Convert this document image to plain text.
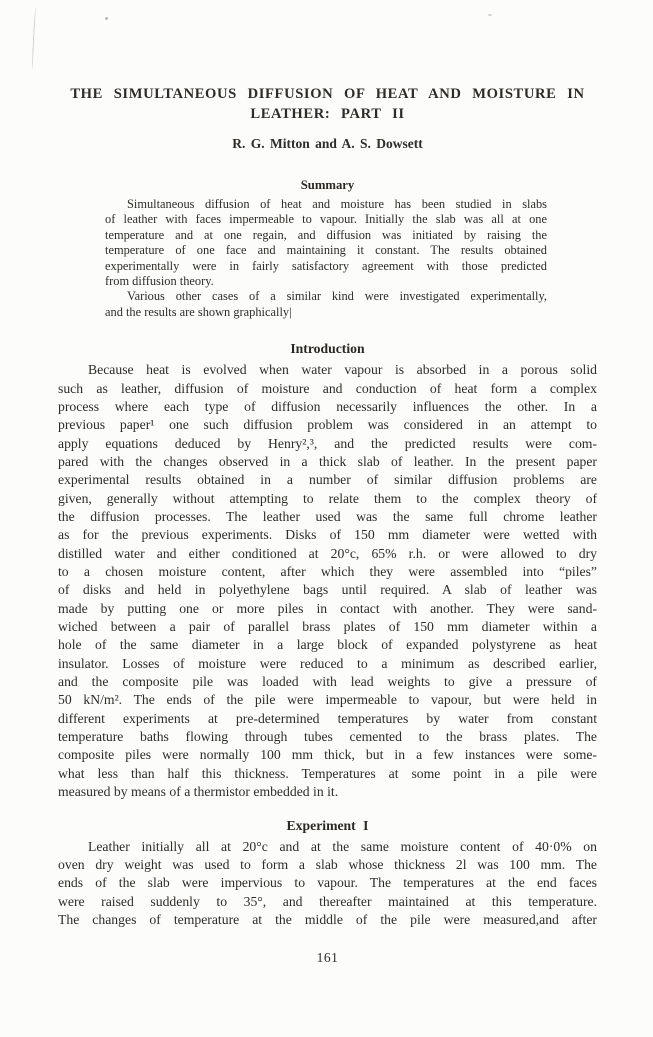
THE SIMULTANEOUS DIFFUSION OF HEAT AND MOISTURE IN
LEATHER: PART II
R. G. Mitton and A. S. Dowsett
Summary
Simultaneous diffusion of heat and moisture has been studied in slabs
of leather with faces impermeable to vapour. Initially the slab was all at one
temperature and at one regain, and diffusion was initiated by raising the
temperature of one face and maintaining it constant. The results obtained
experimentally were in fairly satisfactory agreement with those predicted
from diffusion theory.
Various other cases of a similar kind were investigated experimentally,
and the results are shown graphically|
Introduction
Because heat is evolved when water vapour is absorbed in a porous solid
such as leather, diffusion of moisture and conduction of heat form a complex
process where each type of diffusion necessarily influences the other. In a
previous paper¹ one such diffusion problem was considered in an attempt to
apply equations deduced by Henry²,³, and the predicted results were com-
pared with the changes observed in a thick slab of leather. In the present paper
experimental results obtained in a number of similar diffusion problems are
given, generally without attempting to relate them to the complex theory of
the diffusion processes. The leather used was the same full chrome leather
as for the previous experiments. Disks of 150 mm diameter were wetted with
distilled water and either conditioned at 20°c, 65% r.h. or were allowed to dry
to a chosen moisture content, after which they were assembled into “piles”
of disks and held in polyethylene bags until required. A slab of leather was
made by putting one or more piles in contact with another. They were sand-
wiched between a pair of parallel brass plates of 150 mm diameter within a
hole of the same diameter in a large block of expanded polystyrene as heat
insulator. Losses of moisture were reduced to a minimum as described earlier,
and the composite pile was loaded with lead weights to give a pressure of
50 kN/m². The ends of the pile were impermeable to vapour, but were held in
different experiments at pre-determined temperatures by water from constant
temperature baths flowing through tubes cemented to the brass plates. The
composite piles were normally 100 mm thick, but in a few instances were some-
what less than half this thickness. Temperatures at some point in a pile were
measured by means of a thermistor embedded in it.
Experiment I
Leather initially all at 20°c and at the same moisture content of 40·0% on
oven dry weight was used to form a slab whose thickness 2l was 100 mm. The
ends of the slab were impervious to vapour. The temperatures at the end faces
were raised suddenly to 35°, and thereafter maintained at this temperature.
The changes of temperature at the middle of the pile were measured,and after
161
